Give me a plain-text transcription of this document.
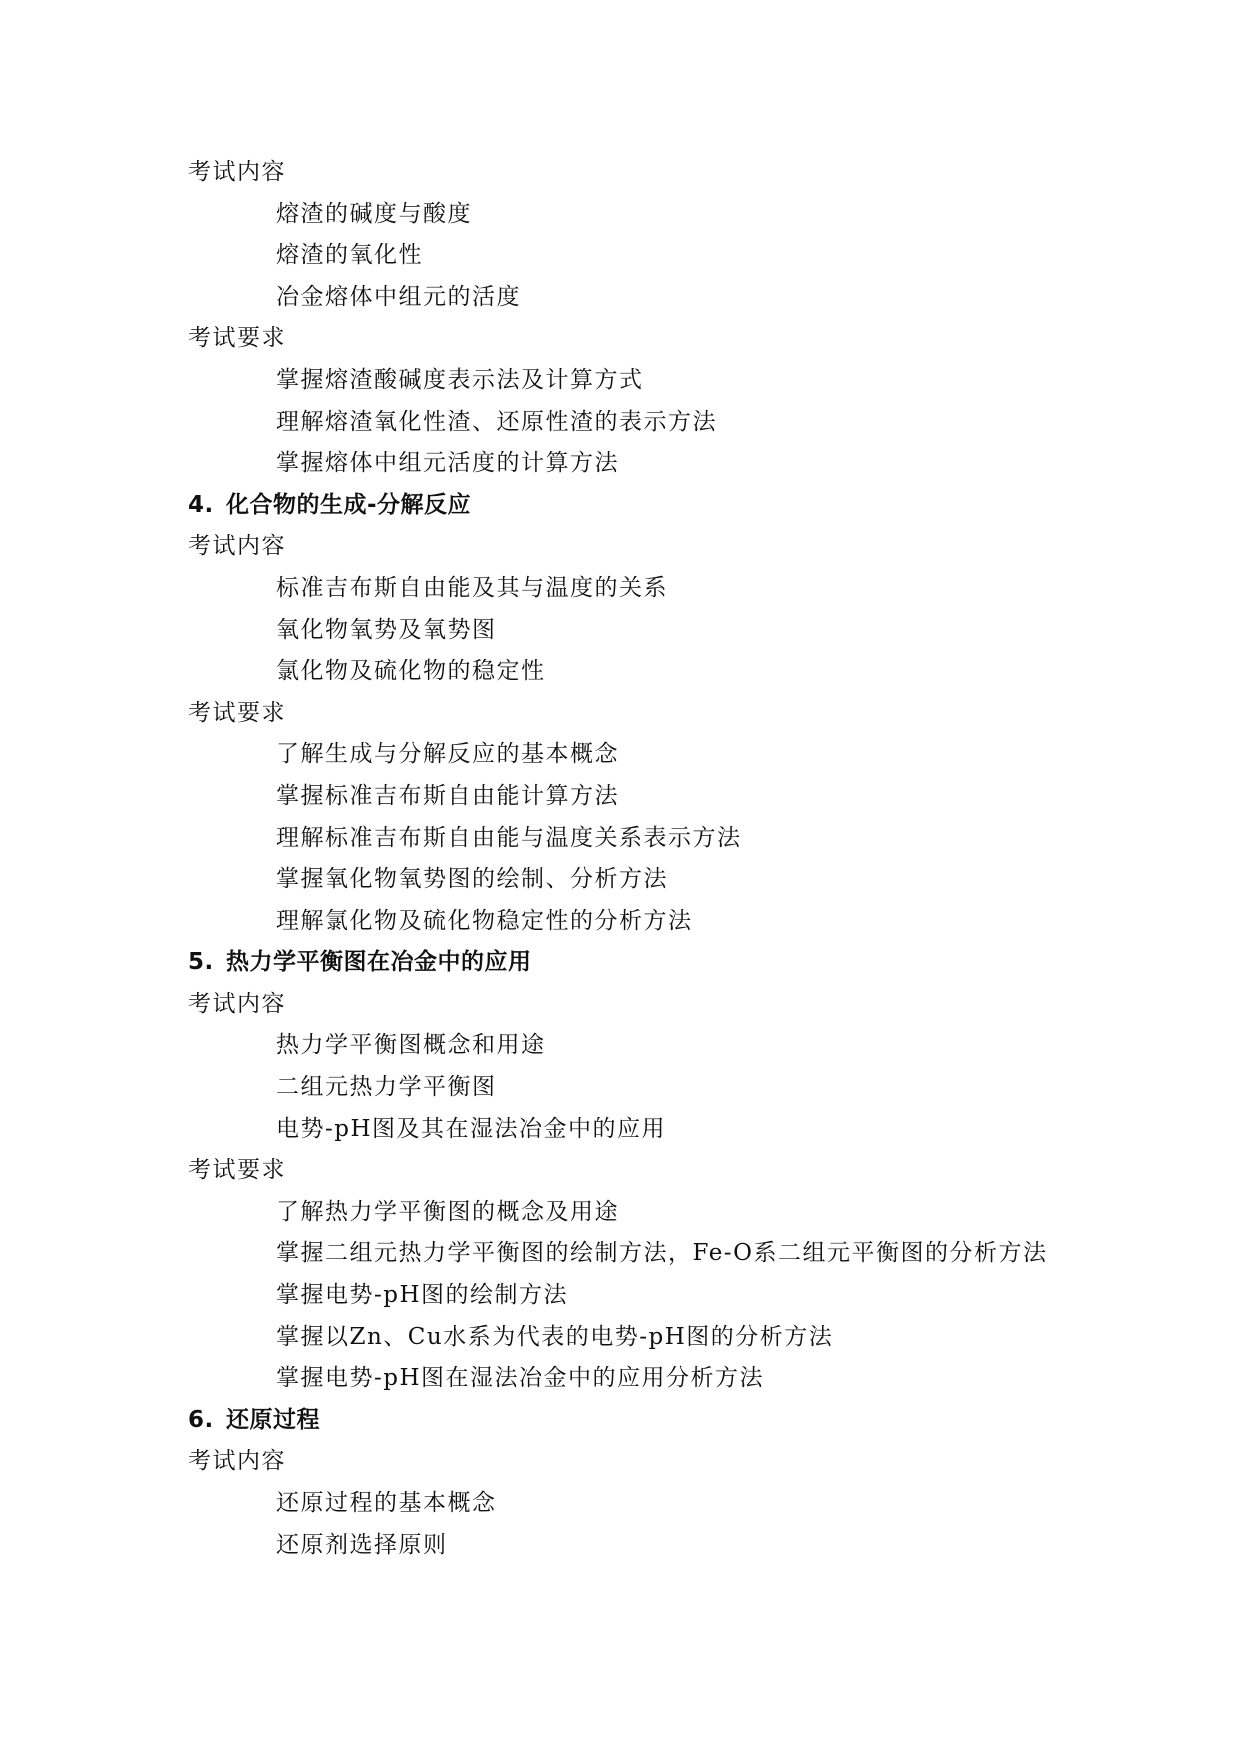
考试内容
熔渣的碱度与酸度
熔渣的氧化性
冶金熔体中组元的活度
考试要求
掌握熔渣酸碱度表示法及计算方式
理解熔渣氧化性渣、还原性渣的表示方法
掌握熔体中组元活度的计算方法
4. 化合物的生成-分解反应
考试内容
标准吉布斯自由能及其与温度的关系
氧化物氧势及氧势图
氯化物及硫化物的稳定性
考试要求
了解生成与分解反应的基本概念
掌握标准吉布斯自由能计算方法
理解标准吉布斯自由能与温度关系表示方法
掌握氧化物氧势图的绘制、分析方法
理解氯化物及硫化物稳定性的分析方法
5. 热力学平衡图在冶金中的应用
考试内容
热力学平衡图概念和用途
二组元热力学平衡图
电势-pH图及其在湿法冶金中的应用
考试要求
了解热力学平衡图的概念及用途
掌握二组元热力学平衡图的绘制方法，Fe-O系二组元平衡图的分析方法
掌握电势-pH图的绘制方法
掌握以Zn、Cu水系为代表的电势-pH图的分析方法
掌握电势-pH图在湿法冶金中的应用分析方法
6. 还原过程
考试内容
还原过程的基本概念
还原剂选择原则
